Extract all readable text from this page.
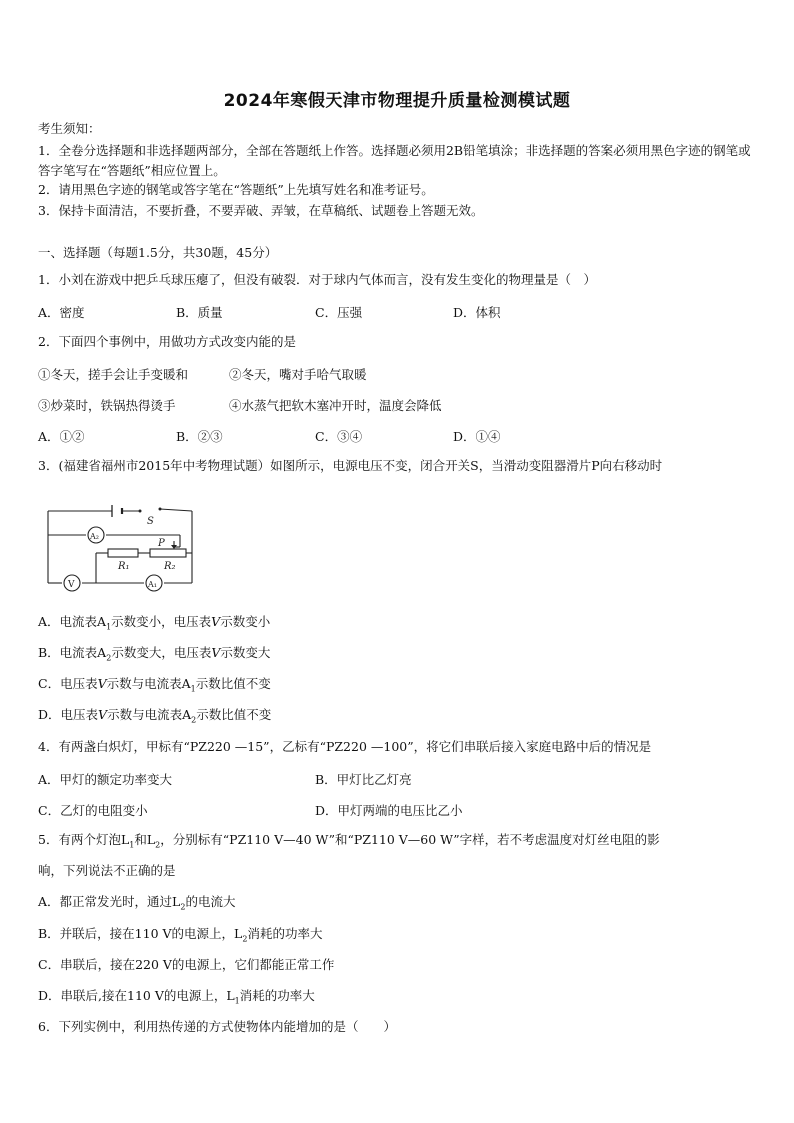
2024年寒假天津市物理提升质量检测模试题
考生须知：
1．全卷分选择题和非选择题两部分，全部在答题纸上作答。选择题必须用2B铅笔填涂；非选择题的答案必须用黑色字迹的钢笔或答字笔写在“答题纸”相应位置上。
2．请用黑色字迹的钢笔或答字笔在“答题纸”上先填写姓名和准考证号。
3．保持卡面清洁，不要折叠，不要弄破、弄皱，在草稿纸、试题卷上答题无效。
一、选择题（每题1.5分，共30题，45分）
1．小刘在游戏中把乒乓球压瘪了，但没有破裂．对于球内气体而言，没有发生变化的物理量是（　）
A．密度	B．质量	C．压强	D．体积
2．下面四个事例中，用做功方式改变内能的是
①冬天，搓手会让手变暖和	②冬天，嘴对手哈气取暖
③炒菜时，铁锅热得烫手	④水蒸气把软木塞冲开时，温度会降低
A．①②	B．②③	C．③④	D．①④
3．(福建省福州市2015年中考物理试题）如图所示，电源电压不变，闭合开关S，当滑动变阻器滑片P向右移动时
S
A₂
P
R₁	R₂
V	A₁
A．电流表$A_1$示数变小，电压表V示数变小
B．电流表$A_2$示数变大，电压表V示数变大
C．电压表V示数与电流表$A_1$示数比值不变
D．电压表V示数与电流表$A_2$示数比值不变
4．有两盏白炽灯，甲标有“PZ220 —15”，乙标有“PZ220 —100”，将它们串联后接入家庭电路中后的情况是
A．甲灯的额定功率变大	B．甲灯比乙灯亮
C．乙灯的电阻变小	D．甲灯两端的电压比乙小
5．有两个灯泡$L_1$和$L_2$，分别标有“PZ110 V—40 W”和“PZ110 V—60 W”字样，若不考虑温度对灯丝电阻的影
响，下列说法不正确的是
A．都正常发光时，通过$L_2$的电流大
B．并联后，接在110 V的电源上，$L_2$消耗的功率大
C．串联后，接在220 V的电源上，它们都能正常工作
D．串联后,接在110 V的电源上，$L_1$消耗的功率大
6．下列实例中，利用热传递的方式使物体内能增加的是（　　）
